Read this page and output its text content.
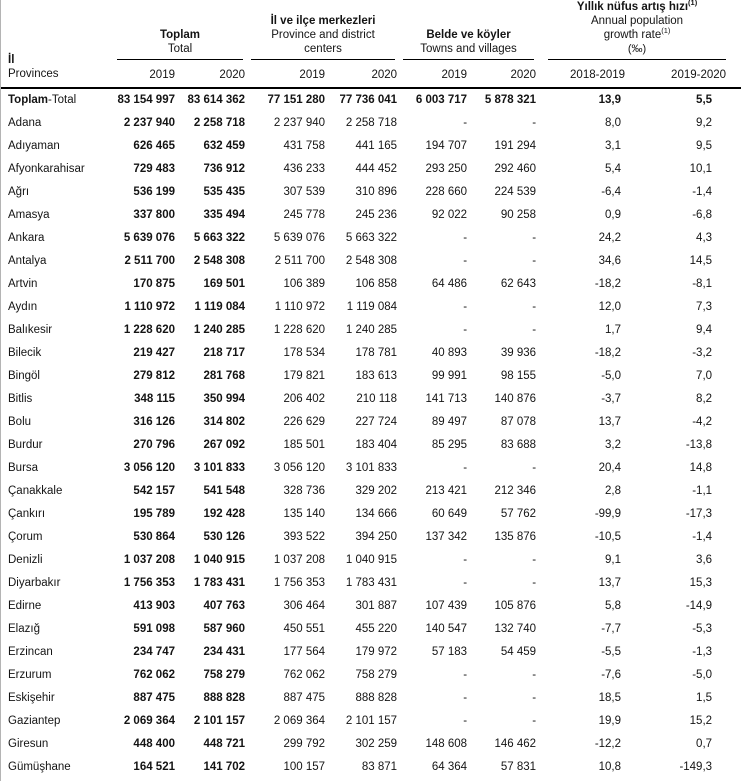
İl
Provinces

Toplam
Total

İl ve ilçe merkezleri
Province and district centers

Belde ve köyler
Towns and villages

Yıllık nüfus artış hızı$^{(1)}$
Annual population
growth rate$^{(1)}$
(‰)

	2019	2020	2019	2020	2019	2020	2018-2019	2019-2020
Toplam-Total	83 154 997	83 614 362	77 151 280	77 736 041	6 003 717	5 878 321	13,9	5,5
Adana	2 237 940	2 258 718	2 237 940	2 258 718	-	-	8,0	9,2
Adıyaman	626 465	632 459	431 758	441 165	194 707	191 294	3,1	9,5
Afyonkarahisar	729 483	736 912	436 233	444 452	293 250	292 460	5,4	10,1
Ağrı	536 199	535 435	307 539	310 896	228 660	224 539	-6,4	-1,4
Amasya	337 800	335 494	245 778	245 236	92 022	90 258	0,9	-6,8
Ankara	5 639 076	5 663 322	5 639 076	5 663 322	-	-	24,2	4,3
Antalya	2 511 700	2 548 308	2 511 700	2 548 308	-	-	34,6	14,5
Artvin	170 875	169 501	106 389	106 858	64 486	62 643	-18,2	-8,1
Aydın	1 110 972	1 119 084	1 110 972	1 119 084	-	-	12,0	7,3
Balıkesir	1 228 620	1 240 285	1 228 620	1 240 285	-	-	1,7	9,4
Bilecik	219 427	218 717	178 534	178 781	40 893	39 936	-18,2	-3,2
Bingöl	279 812	281 768	179 821	183 613	99 991	98 155	-5,0	7,0
Bitlis	348 115	350 994	206 402	210 118	141 713	140 876	-3,7	8,2
Bolu	316 126	314 802	226 629	227 724	89 497	87 078	13,7	-4,2
Burdur	270 796	267 092	185 501	183 404	85 295	83 688	3,2	-13,8
Bursa	3 056 120	3 101 833	3 056 120	3 101 833	-	-	20,4	14,8
Çanakkale	542 157	541 548	328 736	329 202	213 421	212 346	2,8	-1,1
Çankırı	195 789	192 428	135 140	134 666	60 649	57 762	-99,9	-17,3
Çorum	530 864	530 126	393 522	394 250	137 342	135 876	-10,5	-1,4
Denizli	1 037 208	1 040 915	1 037 208	1 040 915	-	-	9,1	3,6
Diyarbakır	1 756 353	1 783 431	1 756 353	1 783 431	-	-	13,7	15,3
Edirne	413 903	407 763	306 464	301 887	107 439	105 876	5,8	-14,9
Elazığ	591 098	587 960	450 551	455 220	140 547	132 740	-7,7	-5,3
Erzincan	234 747	234 431	177 564	179 972	57 183	54 459	-5,5	-1,3
Erzurum	762 062	758 279	762 062	758 279	-	-	-7,6	-5,0
Eskişehir	887 475	888 828	887 475	888 828	-	-	18,5	1,5
Gaziantep	2 069 364	2 101 157	2 069 364	2 101 157	-	-	19,9	15,2
Giresun	448 400	448 721	299 792	302 259	148 608	146 462	-12,2	0,7
Gümüşhane	164 521	141 702	100 157	83 871	64 364	57 831	10,8	-149,3
